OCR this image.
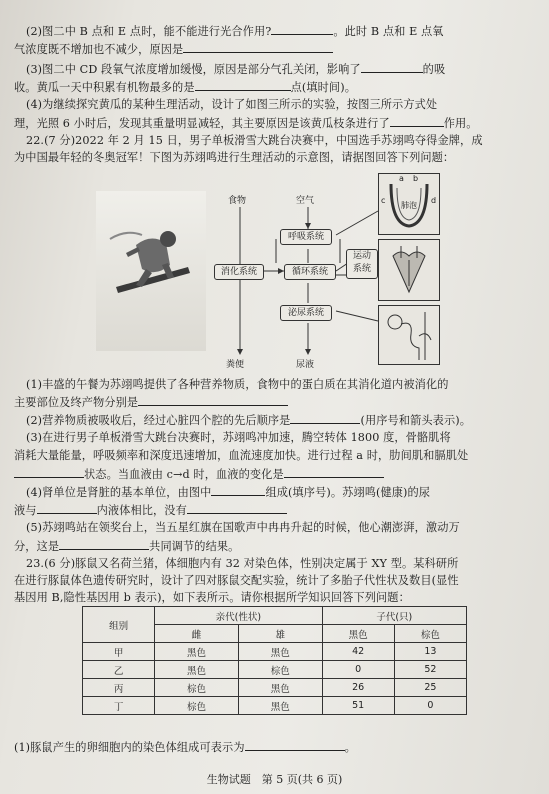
(2)图二中 B 点和 E 点时，能不能进行光合作用?	。此时 B 点和 E 点氧
气浓度既不增加也不减少，原因是
(3)图二中 CD 段氧气浓度增加缓慢，原因是部分气孔关闭，影响了	的吸
收。黄瓜一天中积累有机物最多的是	点(填时间)。
(4)为继续探究黄瓜的某种生理活动，设计了如图三所示的实验，按图三所示方式处
理，光照 6 小时后，发现其重量明显减轻，其主要原因是该黄瓜枝条进行了	作用。
22.(7 分)2022 年 2 月 15 日，男子单板滑雪大跳台决赛中，中国选手苏翊鸣夺得金牌，成
为中国最年轻的冬奥冠军！下图为苏翊鸣进行生理活动的示意图，请据图回答下列问题：
食物	空气
呼吸系统
消化系统	循环系统
运动
系统
泌尿系统
粪便	尿液
肺泡
a b
c	d
(1)丰盛的午餐为苏翊鸣提供了各种营养物质，食物中的蛋白质在其消化道内被消化的
主要部位及终产物分别是
(2)营养物质被吸收后，经过心脏四个腔的先后顺序是	(用序号和箭头表示)。
(3)在进行男子单板滑雪大跳台决赛时，苏翊鸣冲加速，腾空转体 1800 度，骨骼肌将
消耗大量能量，呼吸频率和深度迅速增加，血流速度加快。进行过程 a 时，肋间肌和膈肌处
状态。当血液由 c→d 时，血液的变化是
(4)肾单位是肾脏的基本单位，由图中	组成(填序号)。苏翊鸣(健康)的尿
液与	内液体相比，没有
(5)苏翊鸣站在领奖台上，当五星红旗在国歌声中冉冉升起的时候，他心潮澎湃，激动万
分，这是	共同调节的结果。
23.(6 分)豚鼠又名荷兰猪，体细胞内有 32 对染色体，性别决定属于 XY 型。某科研所
在进行豚鼠体色遗传研究时，设计了四对豚鼠交配实验，统计了多胎子代性状及数目(显性
基因用 B,隐性基因用 b 表示)，如下表所示。请你根据所学知识回答下列问题：
组别	亲代(性状)		子代(只)	
	雌	雄	黑色	棕色
甲	黑色	黑色	42	13
乙	黑色	棕色	0	52
丙	棕色	黑色	26	25
丁	棕色	黑色	51	0
(1)豚鼠产生的卵细胞内的染色体组成可表示为	。
生物试题　第 5 页(共 6 页)
